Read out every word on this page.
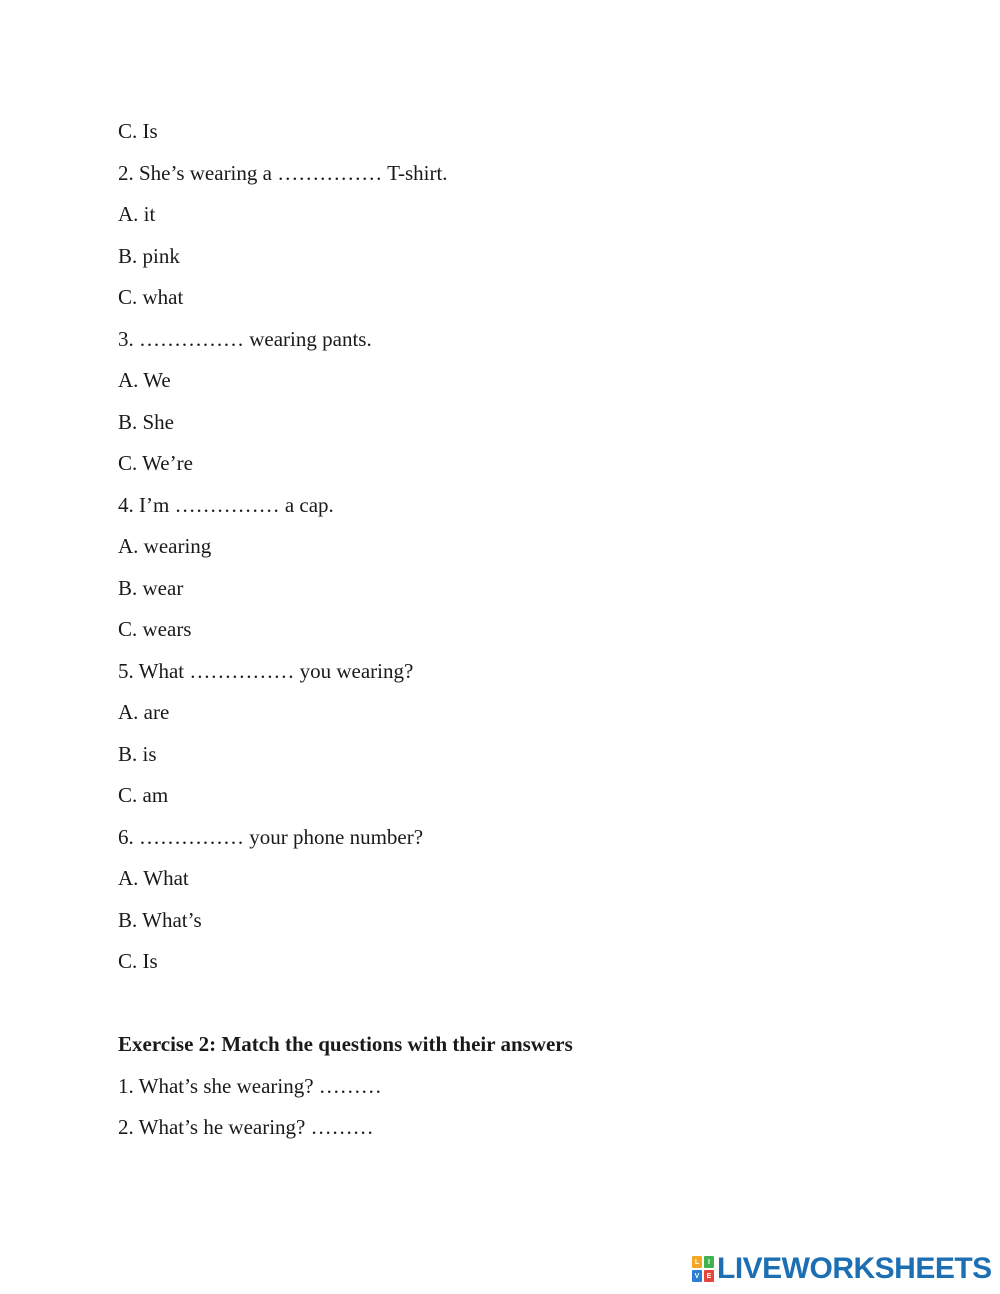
C. Is
2. She’s wearing a …………… T-shirt.
A. it
B. pink
C. what
3. …………… wearing pants.
A. We
B. She
C. We’re
4. I’m …………… a cap.
A. wearing
B. wear
C. wears
5. What …………… you wearing?
A. are
B. is
C. am
6. …………… your phone number?
A. What
B. What’s
C. Is
Exercise 2: Match the questions with their answers
1. What’s she wearing? ………
2. What’s he wearing? ………
L	I
V	E LIVEWORKSHEETS
